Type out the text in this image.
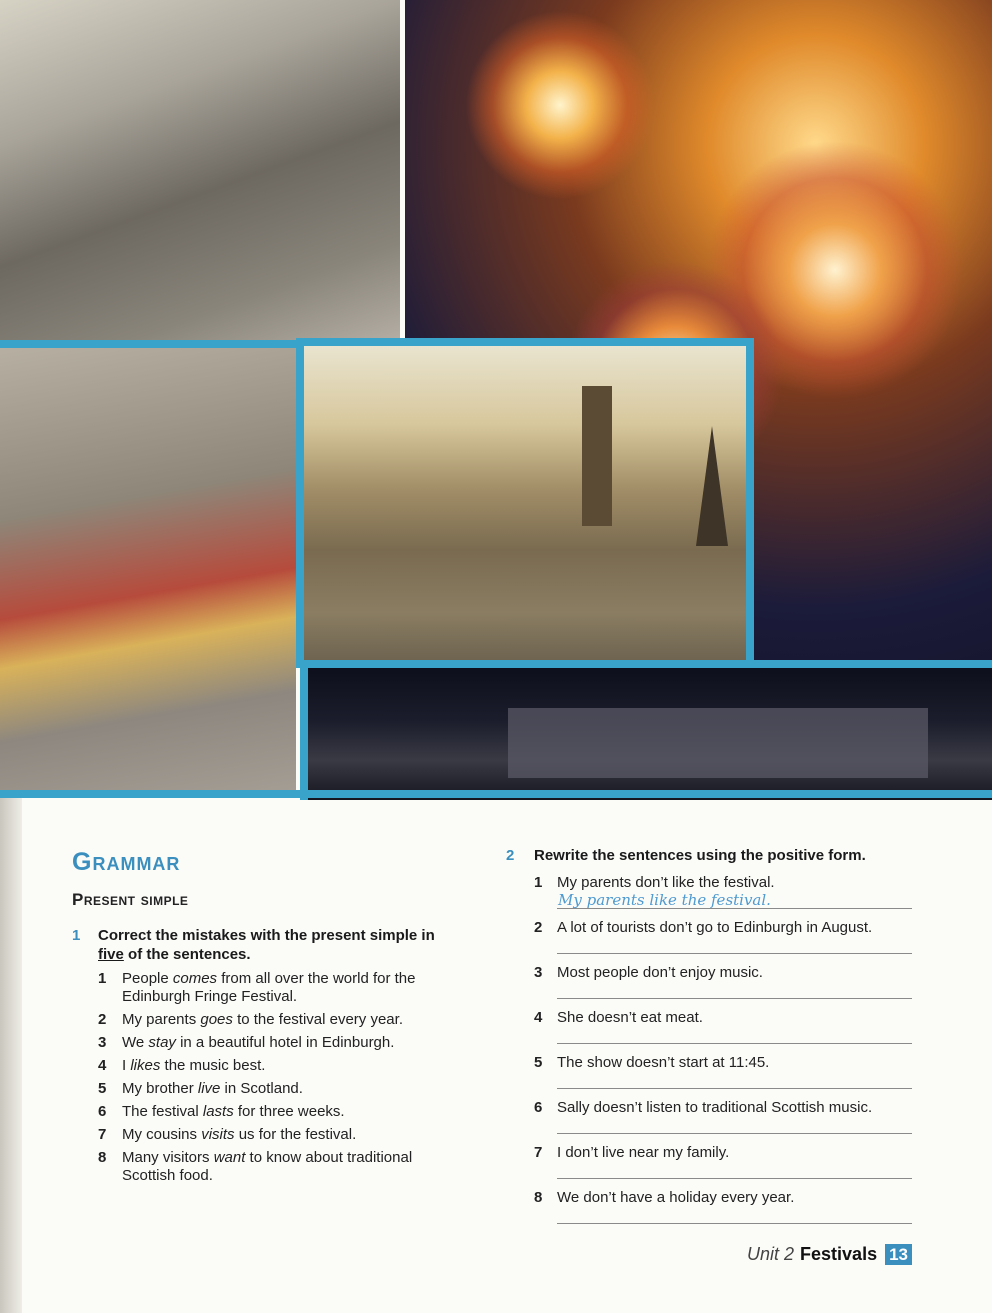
Grammar
Present simple
1 Correct the mistakes with the present simple in five of the sentences.
1 People comes from all over the world for the Edinburgh Fringe Festival.
2 My parents goes to the festival every year.
3 We stay in a beautiful hotel in Edinburgh.
4 I likes the music best.
5 My brother live in Scotland.
6 The festival lasts for three weeks.
7 My cousins visits us for the festival.
8 Many visitors want to know about traditional Scottish food.
2 Rewrite the sentences using the positive form.
1 My parents don’t like the festival.
My parents like the festival.
2 A lot of tourists don’t go to Edinburgh in August.
3 Most people don’t enjoy music.
4 She doesn’t eat meat.
5 The show doesn’t start at 11:45.
6 Sally doesn’t listen to traditional Scottish music.
7 I don’t live near my family.
8 We don’t have a holiday every year.
Unit 2 Festivals 13
